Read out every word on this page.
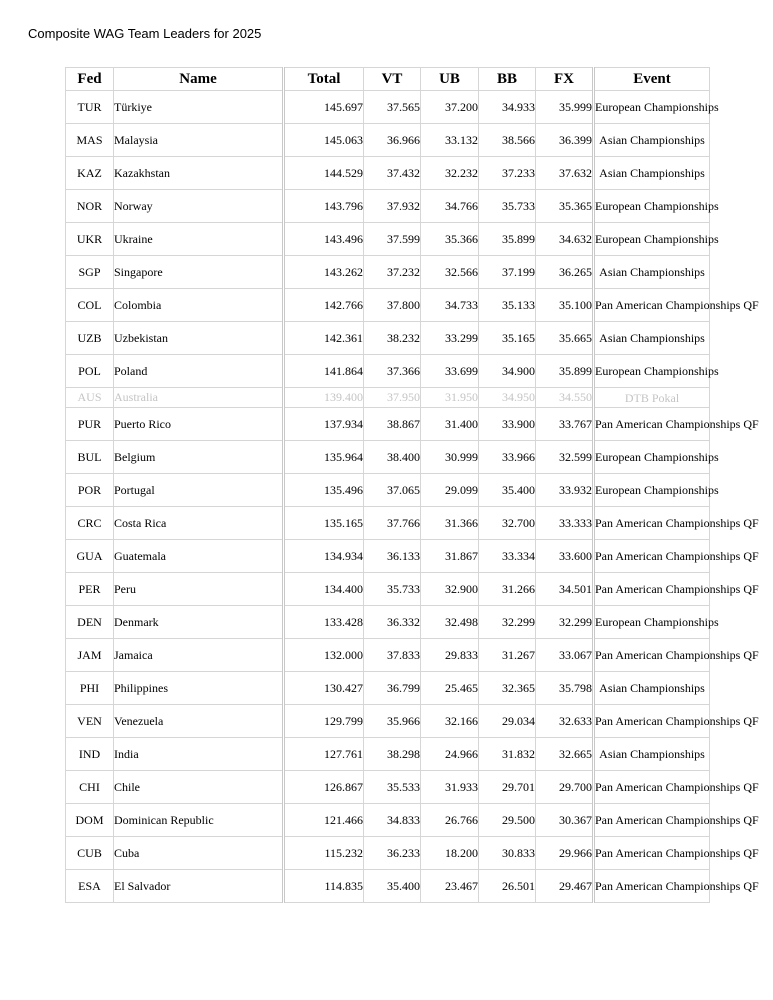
Composite WAG Team Leaders for 2025
Fed	Name	Total	VT	UB	BB	FX	Event
TUR	Türkiye	145.697	37.565	37.200	34.933	35.999	European Championships
MAS	Malaysia	145.063	36.966	33.132	38.566	36.399	Asian Championships
KAZ	Kazakhstan	144.529	37.432	32.232	37.233	37.632	Asian Championships
NOR	Norway	143.796	37.932	34.766	35.733	35.365	European Championships
UKR	Ukraine	143.496	37.599	35.366	35.899	34.632	European Championships
SGP	Singapore	143.262	37.232	32.566	37.199	36.265	Asian Championships
COL	Colombia	142.766	37.800	34.733	35.133	35.100	Pan American Championships QF
UZB	Uzbekistan	142.361	38.232	33.299	35.165	35.665	Asian Championships
POL	Poland	141.864	37.366	33.699	34.900	35.899	European Championships
AUS	Australia	139.400	37.950	31.950	34.950	34.550	DTB Pokal
PUR	Puerto Rico	137.934	38.867	31.400	33.900	33.767	Pan American Championships QF
BUL	Belgium	135.964	38.400	30.999	33.966	32.599	European Championships
POR	Portugal	135.496	37.065	29.099	35.400	33.932	European Championships
CRC	Costa Rica	135.165	37.766	31.366	32.700	33.333	Pan American Championships QF
GUA	Guatemala	134.934	36.133	31.867	33.334	33.600	Pan American Championships QF
PER	Peru	134.400	35.733	32.900	31.266	34.501	Pan American Championships QF
DEN	Denmark	133.428	36.332	32.498	32.299	32.299	European Championships
JAM	Jamaica	132.000	37.833	29.833	31.267	33.067	Pan American Championships QF
PHI	Philippines	130.427	36.799	25.465	32.365	35.798	Asian Championships
VEN	Venezuela	129.799	35.966	32.166	29.034	32.633	Pan American Championships QF
IND	India	127.761	38.298	24.966	31.832	32.665	Asian Championships
CHI	Chile	126.867	35.533	31.933	29.701	29.700	Pan American Championships QF
DOM	Dominican Republic	121.466	34.833	26.766	29.500	30.367	Pan American Championships QF
CUB	Cuba	115.232	36.233	18.200	30.833	29.966	Pan American Championships QF
ESA	El Salvador	114.835	35.400	23.467	26.501	29.467	Pan American Championships QF
